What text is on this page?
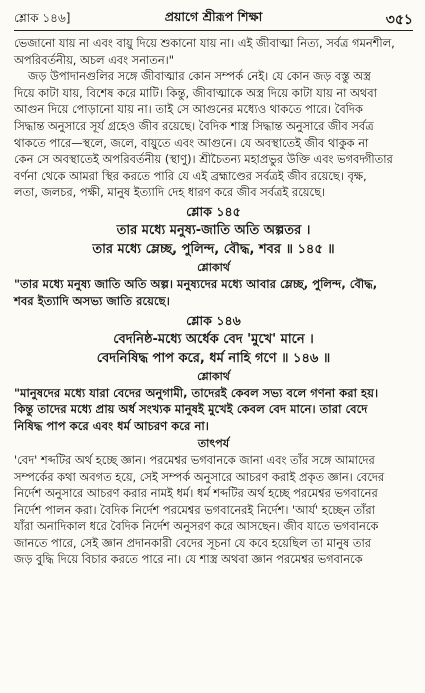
শ্লোক ১৪৬]	প্রয়াগে শ্রীরূপ শিক্ষা	৩৫১

ভেজানো যায় না এবং বায়ু দিয়ে শুকানো যায় না। এই জীবাত্মা নিত্য, সর্বত্র গমনশীল,

অপরিবর্তনীয়, অচল এবং সনাতন।"

জড় উপাদানগুলির সঙ্গে জীবাত্মার কোন সম্পর্ক নেই। যে কোন জড় বস্তু অস্ত্র

দিয়ে কাটা যায়, বিশেষ করে মাটি। কিন্তু, জীবাত্মাকে অস্ত্র দিয়ে কাটা যায় না অথবা

আগুন দিয়ে পোড়ানো যায় না। তাই সে আগুনের মধ্যেও থাকতে পারে। বৈদিক

সিদ্ধান্ত অনুসারে সূর্য গ্রহেও জীব রয়েছে। বৈদিক শাস্ত্র সিদ্ধান্ত অনুসারে জীব সর্বত্র

থাকতে পারে—স্থলে, জলে, বায়ুতে এবং আগুনে। যে অবস্থাতেই জীব থাকুক না

কেন সে অবস্থাতেই অপরিবর্তনীয় (স্থাণু)। শ্রীচৈতন্য মহাপ্রভুর উক্তি এবং ভগবদ্গীতার

বর্ণনা থেকে আমরা স্থির করতে পারি যে এই ব্রহ্মাণ্ডের সর্বত্রই জীব রয়েছে। বৃক্ষ,

লতা, জলচর, পক্ষী, মানুষ ইত্যাদি দেহ ধারণ করে জীব সর্বত্রই রয়েছে।

শ্লোক ১৪৫
তার মধ্যে মনুষ্য-জাতি অতি অল্পতর ।
তার মধ্যে ম্লেচ্ছ, পুলিন্দ, বৌদ্ধ, শবর ॥ ১৪৫ ॥
শ্লোকার্থ

"তার মধ্যে মনুষ্য জাতি অতি অল্প। মনুষ্যদের মধ্যে আবার ম্লেচ্ছ, পুলিন্দ, বৌদ্ধ,

শবর ইত্যাদি অসভ্য জাতি রয়েছে।

শ্লোক ১৪৬
বেদনিষ্ঠ-মধ্যে অর্ধেক বেদ 'মুখে' মানে ।
বেদনিষিদ্ধ পাপ করে, ধর্ম নাহি গণে ॥ ১৪৬ ॥
শ্লোকার্থ

"মানুষদের মধ্যে যারা বেদের অনুগামী, তাদেরই কেবল সভ্য বলে গণনা করা হয়।

কিন্তু তাদের মধ্যে প্রায় অর্ধ সংখ্যক মানুষই মুখেই কেবল বেদ মানে। তারা বেদে

নিষিদ্ধ পাপ করে এবং ধর্ম আচরণ করে না।

তাৎপর্য

'বেদ' শব্দটির অর্থ হচ্ছে জ্ঞান। পরমেশ্বর ভগবানকে জানা এবং তাঁর সঙ্গে আমাদের

সম্পর্কের কথা অবগত হয়ে, সেই সম্পর্ক অনুসারে আচরণ করাই প্রকৃত জ্ঞান। বেদের

নির্দেশ অনুসারে আচরণ করার নামই ধর্ম। ধর্ম শব্দটির অর্থ হচ্ছে পরমেশ্বর ভগবানের

নির্দেশ পালন করা। বৈদিক নির্দেশ পরমেশ্বর ভগবানেরই নির্দেশ। 'আর্য' হচ্ছেন তাঁরা

যাঁরা অনাদিকাল ধরে বৈদিক নির্দেশ অনুসরণ করে আসছেন। জীব যাতে ভগবানকে

জানতে পারে, সেই জ্ঞান প্রদানকারী বেদের সূচনা যে কবে হয়েছিল তা মানুষ তার

জড় বুদ্ধি দিয়ে বিচার করতে পারে না। যে শাস্ত্র অথবা জ্ঞান পরমেশ্বর ভগবানকে
